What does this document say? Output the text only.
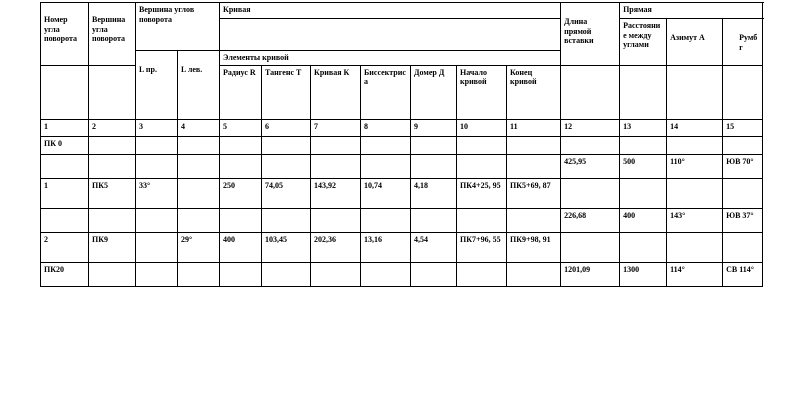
Номер угла поворота	Вершина угла поворота	Вершина углов поворота		Кривая							Длина прямой вставки	Прямая		
												Расстояние между углами	Азимут А	Румб r
		L пр.	L лев.	Элементы кривой										
				Радиус R	Тангенс Т	Кривая К	Биссектриса	Домер Д	Начало кривой	Конец кривой				
1	2	3	4	5	6	7	8	9	10	11	12	13	14	15
ПК 0														
											425,95	500	110°	ЮВ 70°
1	ПК5	33°		250	74,05	143,92	10,74	4,18	ПК4+25, 95	ПК5+69, 87				
											226,68	400	143°	ЮВ 37°
2	ПК9		29°	400	103,45	202,36	13,16	4,54	ПК7+96, 55	ПК9+98, 91				
ПК20											1201,09	1300	114°	СВ 114°
